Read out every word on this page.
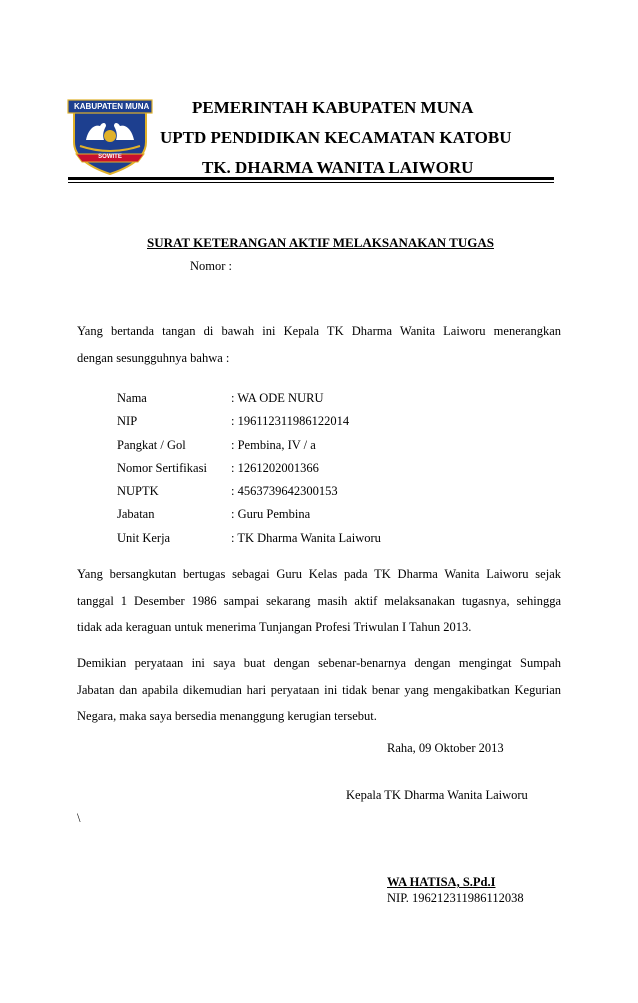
KABUPATEN MUNA
SOWITE
PEMERINTAH KABUPATEN MUNA
UPTD PENDIDIKAN KECAMATAN KATOBU
TK. DHARMA WANITA LAIWORU
SURAT KETERANGAN AKTIF MELAKSANAKAN TUGAS
Nomor :

Yang bertanda tangan di bawah ini Kepala TK Dharma Wanita Laiworu menerangkan

dengan sesungguhnya bahwa :

Nama	: WA ODE NURU
NIP	: 196112311986122014
Pangkat / Gol	: Pembina, IV / a
Nomor Sertifikasi : 1261202001366
NUPTK	: 4563739642300153
Jabatan	: Guru Pembina
Unit Kerja	: TK Dharma Wanita Laiworu

Yang bersangkutan bertugas sebagai Guru Kelas pada TK Dharma Wanita Laiworu sejak

tanggal 1 Desember 1986 sampai sekarang masih aktif melaksanakan tugasnya, sehingga

tidak ada keraguan untuk menerima Tunjangan Profesi Triwulan I Tahun 2013.

Demikian peryataan ini saya buat dengan sebenar-benarnya dengan mengingat Sumpah

Jabatan dan apabila dikemudian hari peryataan ini tidak benar yang mengakibatkan Kegurian

Negara, maka saya bersedia menanggung kerugian tersebut.

Raha, 09 Oktober 2013
Kepala TK Dharma Wanita Laiworu
\
WA HATISA, S.Pd.I
NIP. 196212311986112038
